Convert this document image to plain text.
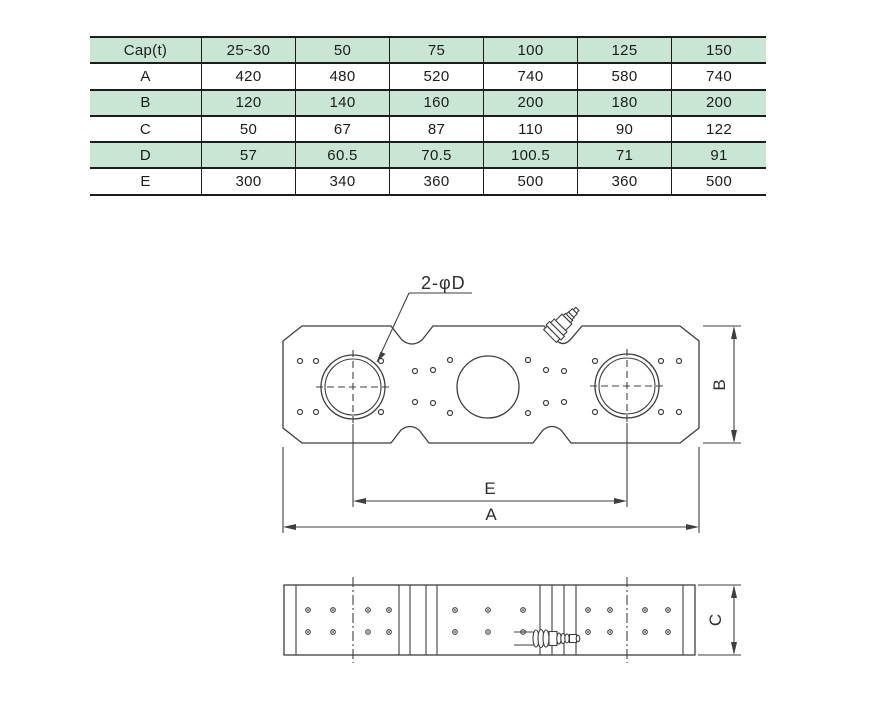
Cap(t)	25~30	50	75	100	125	150
A	420	480	520	740	580	740
B	120	140	160	200	180	200
C	50	67	87	110	90	122
D	57	60.5	70.5	100.5	71	91
E	300	340	360	500	360	500
2-φD
B
E
A
C
